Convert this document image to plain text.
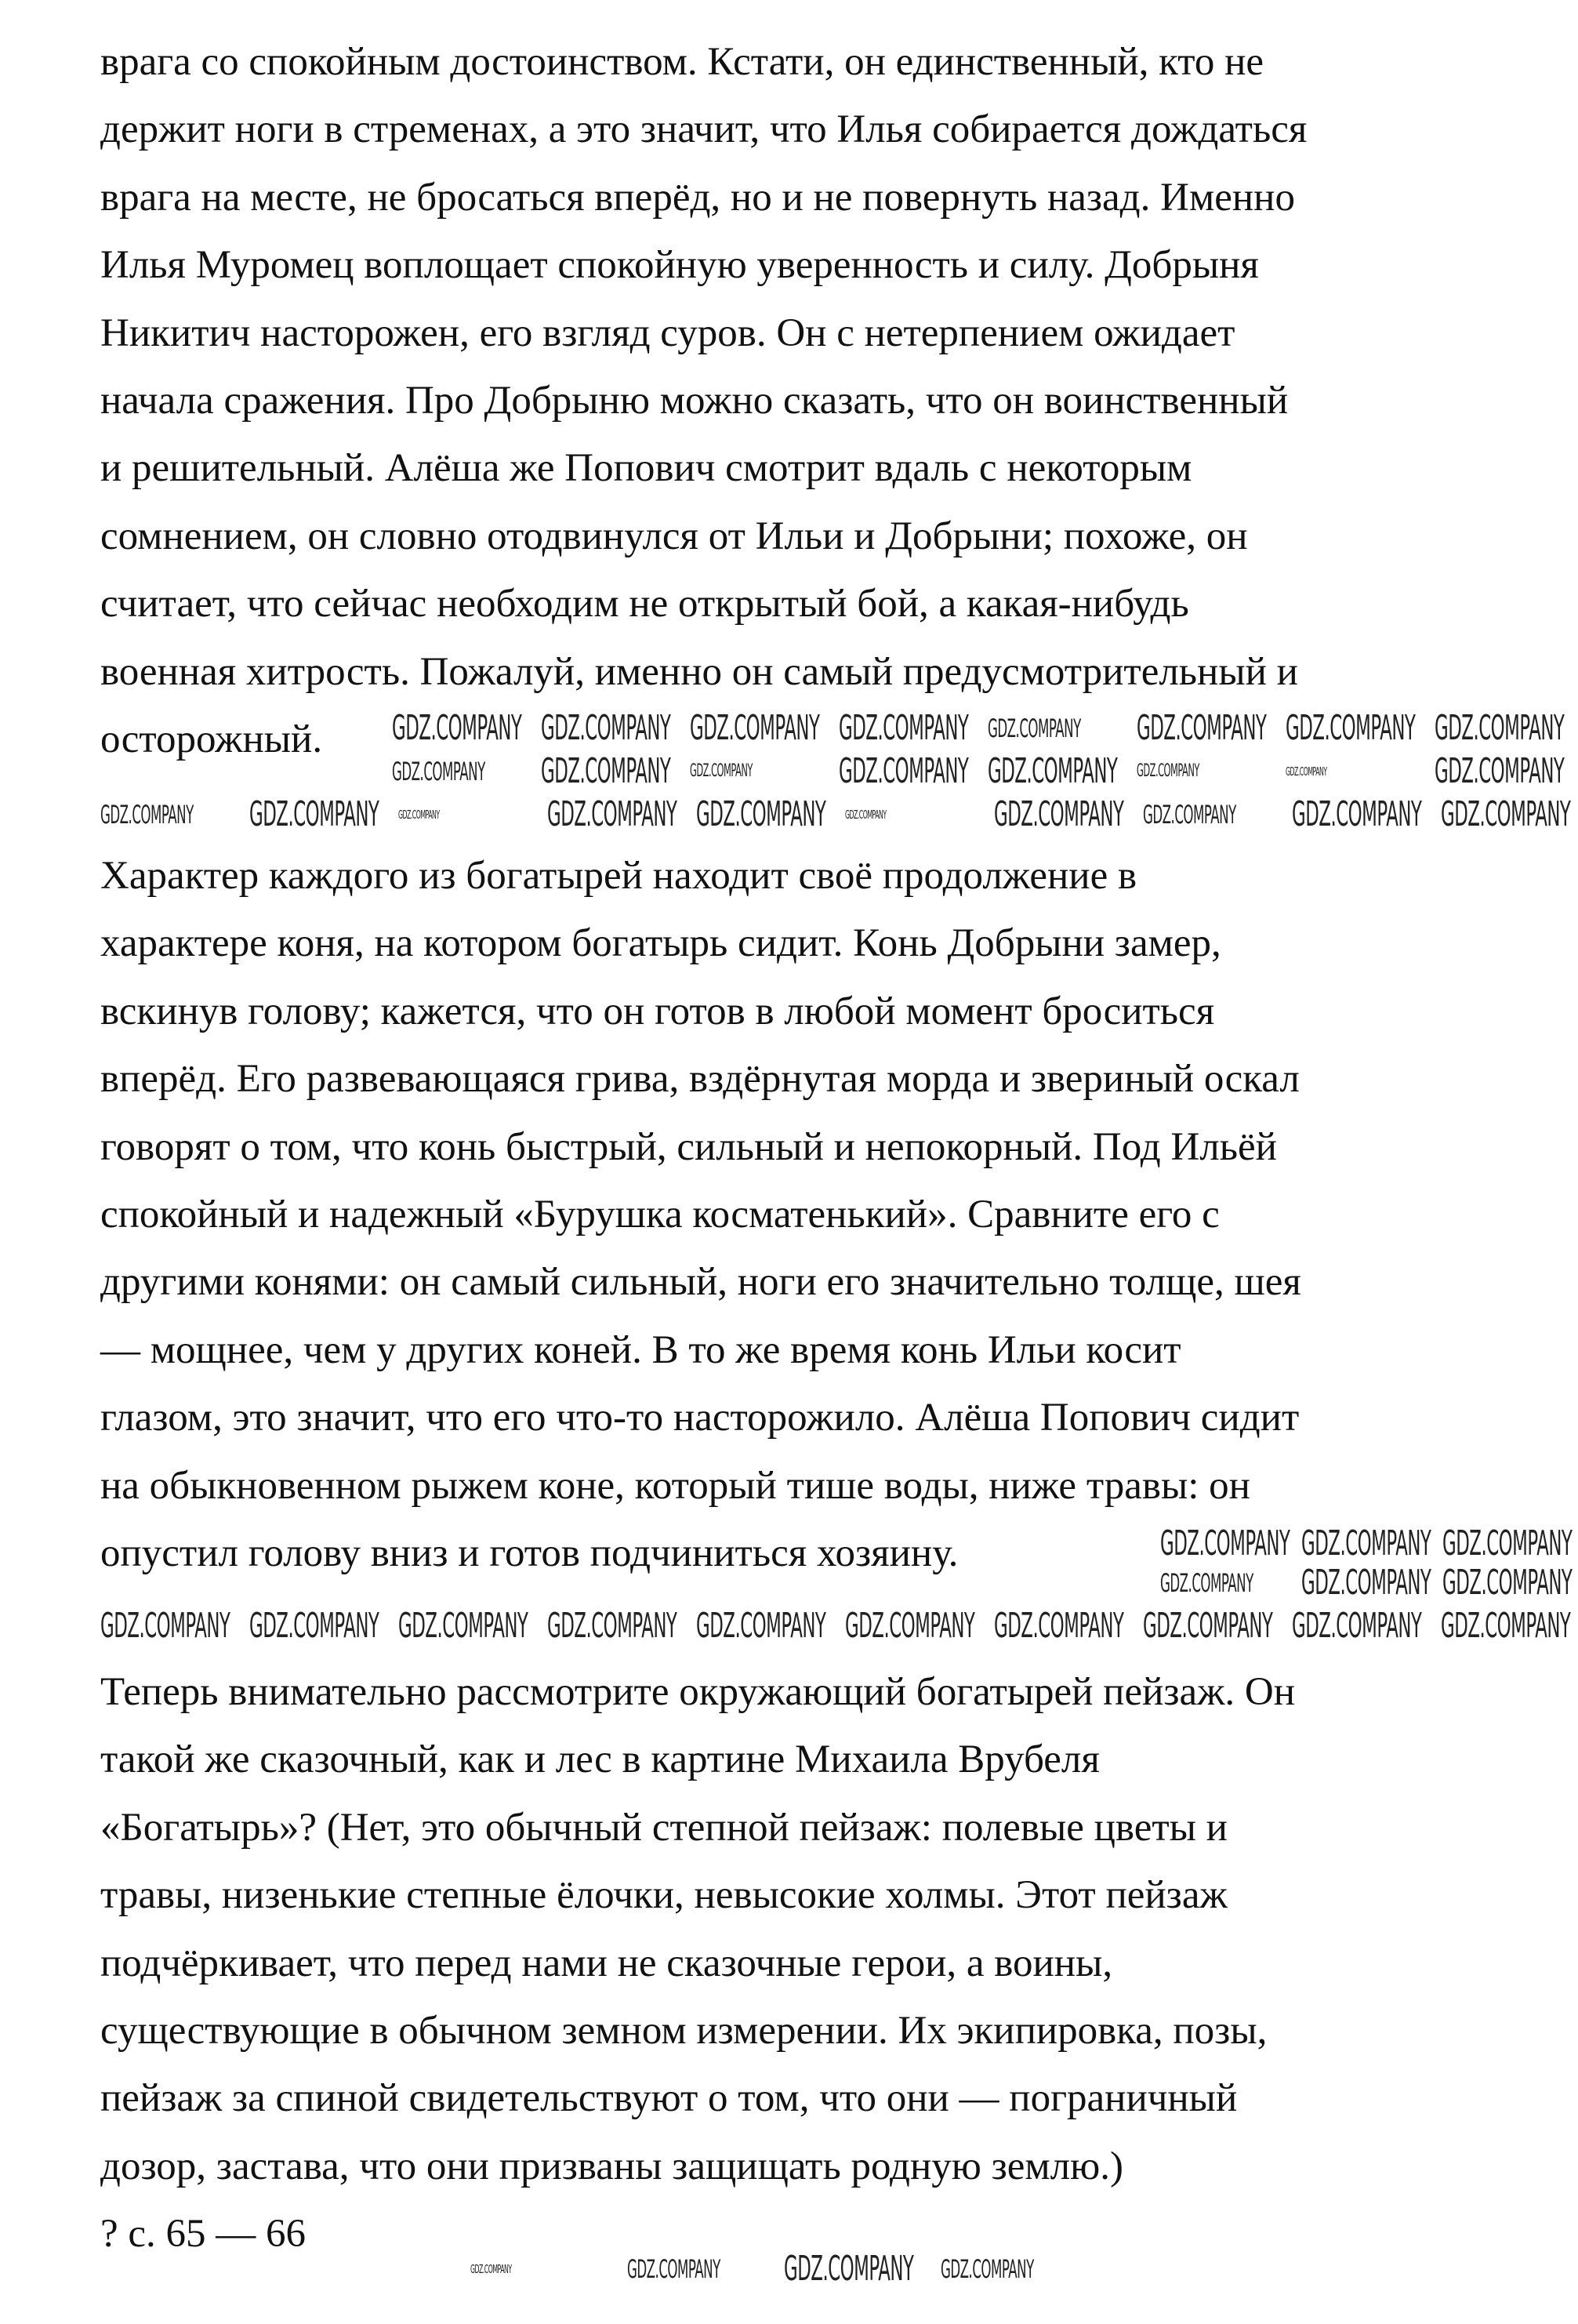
врага со спокойным достоинством. Кстати, он единственный, кто не
держит ноги в стременах, а это значит, что Илья собирается дождаться
врага на месте, не бросаться вперёд, но и не повернуть назад. Именно
Илья Муромец воплощает спокойную уверенность и силу. Добрыня
Никитич насторожен, его взгляд суров. Он с нетерпением ожидает
начала сражения. Про Добрыню можно сказать, что он воинственный
и решительный. Алёша же Попович смотрит вдаль с некоторым
сомнением, он словно отодвинулся от Ильи и Добрыни; похоже, он
считает, что сейчас необходим не открытый бой, а какая-нибудь
военная хитрость. Пожалуй, именно он самый предусмотрительный и
осторожный.
Характер каждого из богатырей находит своё продолжение в
характере коня, на котором богатырь сидит. Конь Добрыни замер,
вскинув голову; кажется, что он готов в любой момент броситься
вперёд. Его развевающаяся грива, вздёрнутая морда и звериный оскал
говорят о том, что конь быстрый, сильный и непокорный. Под Ильёй
спокойный и надежный «Бурушка косматенький». Сравните его с
другими конями: он самый сильный, ноги его значительно толще, шея
— мощнее, чем у других коней. В то же время конь Ильи косит
глазом, это значит, что его что-то насторожило. Алёша Попович сидит
на обыкновенном рыжем коне, который тише воды, ниже травы: он
опустил голову вниз и готов подчиниться хозяину.
Теперь внимательно рассмотрите окружающий богатырей пейзаж. Он
такой же сказочный, как и лес в картине Михаила Врубеля
«Богатырь»? (Нет, это обычный степной пейзаж: полевые цветы и
травы, низенькие степные ёлочки, невысокие холмы. Этот пейзаж
подчёркивает, что перед нами не сказочные герои, а воины,
существующие в обычном земном измерении. Их экипировка, позы,
пейзаж за спиной свидетельствуют о том, что они — пограничный
дозор, застава, что они призваны защищать родную землю.)
? с. 65 — 66
GDZ.COMPANY GDZ.COMPANY GDZ.COMPANY GDZ.COMPANY GDZ.COMPANY GDZ.COMPANY GDZ.COMPANY GDZ.COMPANY
GDZ.COMPANY GDZ.COMPANY GDZ.COMPANY	GDZ.COMPANY GDZ.COMPANY GDZ.COMPANY	GDZ.COMPANY	GDZ.COMPANY
GDZ.COMPANY GDZ.COMPANY GDZ.COMPANY	GDZ.COMPANY GDZ.COMPANY GDZ.COMPANY	GDZ.COMPANY GDZ.COMPANY GDZ.COMPANY GDZ.COMPANY
GDZ.COMPANY GDZ.COMPANY GDZ.COMPANY
GDZ.COMPANY GDZ.COMPANY GDZ.COMPANY
GDZ.COMPANY GDZ.COMPANY GDZ.COMPANY GDZ.COMPANY GDZ.COMPANY GDZ.COMPANY GDZ.COMPANY GDZ.COMPANY GDZ.COMPANY GDZ.COMPANY
GDZ.COMPANY	GDZ.COMPANY GDZ.COMPANY GDZ.COMPANY
